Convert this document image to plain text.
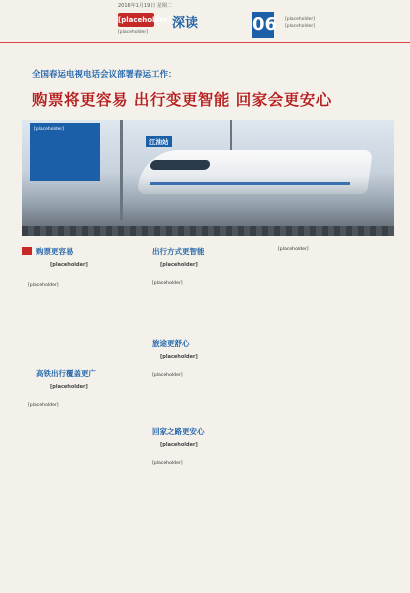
2016年1月19日 星期二
[placeholder] 深读	06
[placeholder]
[placeholder]
[placeholder]
全国春运电视电话会议部署春运工作：
购票将更容易 出行变更智能 回家会更安心
江油站
[placeholder]
购票更容易
[placeholder]
[placeholder]
高铁出行覆盖更广
[placeholder]
[placeholder]
出行方式更智能
[placeholder]
[placeholder]
旅途更舒心
[placeholder]
[placeholder]
回家之路更安心
[placeholder]
[placeholder]
[placeholder]
